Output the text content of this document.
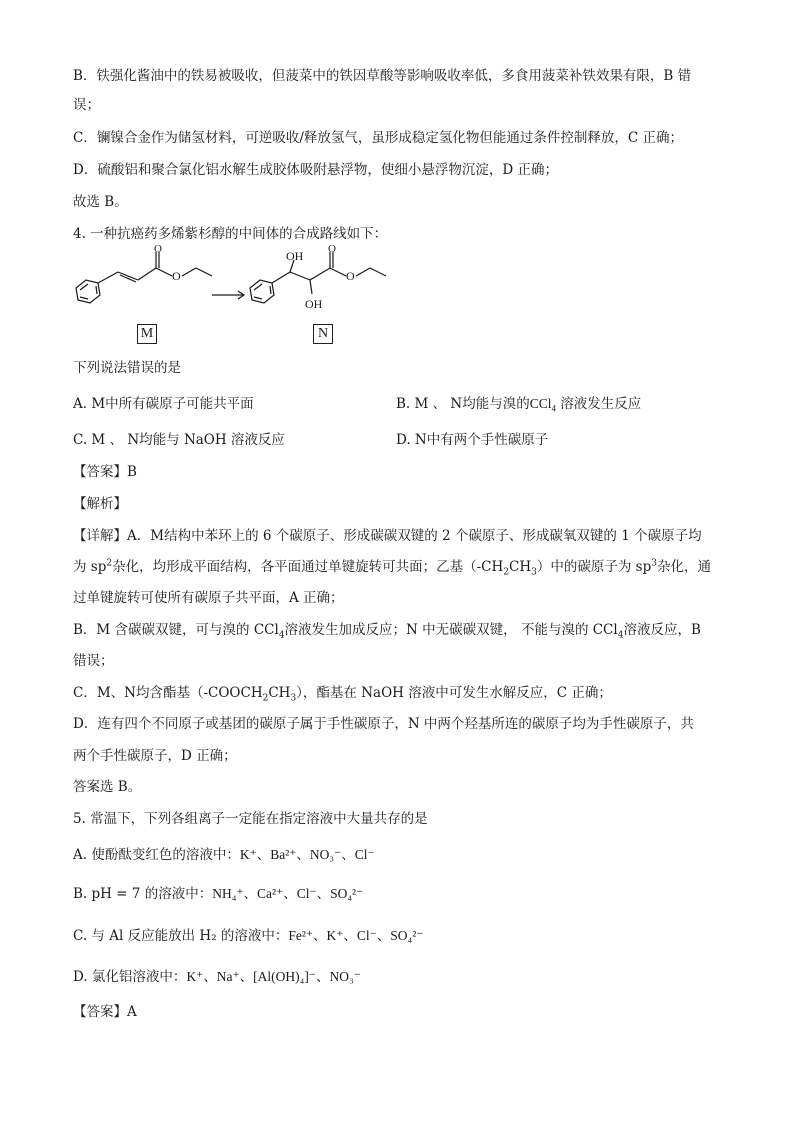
B．铁强化酱油中的铁易被吸收，但菠菜中的铁因草酸等影响吸收率低，多食用菠菜补铁效果有限，B 错
误；
C．镧镍合金作为储氢材料，可逆吸收/释放氢气，虽形成稳定氢化物但能通过条件控制释放，C 正确；
D．硫酸铝和聚合氯化铝水解生成胶体吸附悬浮物，使细小悬浮物沉淀，D 正确；
故选 B。
4. 一种抗癌药多烯紫杉醇的中间体的合成路线如下：
O
O
O
O
OH
OH
M	N
下列说法错误的是
A. M中所有碳原子可能共平面	B. M 、 N均能与溴的CCl$_4$ 溶液发生反应
C. M 、 N均能与 NaOH 溶液反应	D. N中有两个手性碳原子
【答案】B
【解析】
【详解】A．M结构中苯环上的 6 个碳原子、形成碳碳双键的 2 个碳原子、形成碳氧双键的 1 个碳原子均
为 $sp^2$杂化，均形成平面结构，各平面通过单键旋转可共面；乙基$(-CH_2CH_3)$中的碳原子为 $sp^3$杂化，通
过单键旋转可使所有碳原子共平面，A 正确；
B．M 含碳碳双键，可与溴的 CCl$_4$溶液发生加成反应；N 中无碳碳双键， 不能与溴的 CCl$_4$溶液反应，B
错误；
C．M、N均含酯基$(-COOCH_2CH_3)$，酯基在 NaOH 溶液中可发生水解反应，C 正确；
D．连有四个不同原子或基团的碳原子属于手性碳原子，N 中两个羟基所连的碳原子均为手性碳原子，共
两个手性碳原子，D 正确；
答案选 B。
5. 常温下，下列各组离子一定能在指定溶液中大量共存的是
A. 使酚酞变红色的溶液中：K⁺、Ba²⁺、NO₃⁻、Cl⁻
B. pH = 7 的溶液中：NH₄⁺、Ca²⁺、Cl⁻、SO₄²⁻
C. 与 Al 反应能放出 H₂ 的溶液中：Fe²⁺、K⁺、Cl⁻、SO₄²⁻
D. 氯化铝溶液中：K⁺、Na⁺、[Al(OH)₄]⁻、NO₃⁻
【答案】A
